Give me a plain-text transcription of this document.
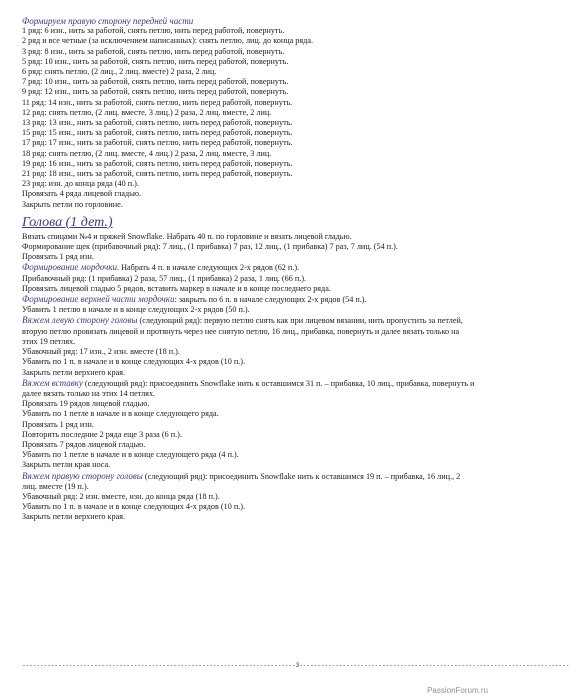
Формируем правую сторону передней части
1 ряд: 6 изн., нить за работой, снять петлю, нить перед работой, повернуть.
2 ряд и все четные (за исключением написанных): снять петлю, лиц. до конца ряда.
3 ряд: 8 изн., нить за работой, снять петлю, нить перед работой, повернуть.
5 ряд: 10 изн., нить за работой, снять петлю, нить перед работой, повернуть.
6 ряд: снять петлю, (2 лиц., 2 лиц. вместе) 2 раза, 2 лиц.
7 ряд: 10 изн., нить за работой, снять петлю, нить перед работой, повернуть.
9 ряд: 12 изн., нить за работой, снять петлю, нить перед работой, повернуть.
11 ряд: 14 изн., нить за работой, снять петлю, нить перед работой, повернуть.
12 ряд: снять петлю, (2 лиц. вместе, 3 лиц.) 2 раза, 2 лиц. вместе, 2 лиц.
13 ряд: 13 изн., нить за работой, снять петлю, нить перед работой, повернуть.
15 ряд: 15 изн., нить за работой, снять петлю, нить перед работой, повернуть.
17 ряд: 17 изн., нить за работой, снять петлю, нить перед работой, повернуть.
18 ряд: снять петлю, (2 лиц. вместе, 4 лиц.) 2 раза, 2 лиц. вместе, 3 лиц.
19 ряд: 16 изн., нить за работой, снять петлю, нить перед работой, повернуть.
21 ряд: 18 изн., нить за работой, снять петлю, нить перед работой, повернуть.
23 ряд: изн. до конца ряда (40 п.).
Провязать 4 ряда лицевой гладью.
Закрыть петли по горловине.
Голова (1 дет.)
Вязать спицами №4 и пряжей Snowflake. Набрать 40 п. по горловине и вязать лицевой гладью.
Формирование щек (прибавочный ряд): 7 лиц., (1 прибавка) 7 раз, 12 лиц., (1 прибавка) 7 раз, 7 лиц. (54 п.).
Провязать 1 ряд изн.
Формирование мордочки. Набрать 4 п. в начале следующих 2-х рядов (62 п.).
Прибавочный ряд: (1 прибавка) 2 раза, 57 лиц., (1 прибавка) 2 раза, 1 лиц. (66 п.).
Провязать лицевой гладью 5 рядов, вставить маркер в начале и в конце последнего ряда.
Формирование верхней части мордочки: закрыть по 6 п. в начале следующих 2-х рядов (54 п.).
Убавить 1 петлю в начале и в конце следующих 2-х рядов (50 п.).
Вяжем левую сторону головы (следующий ряд): первую петлю снять как при лицевом вязании, нить пропустить за петлей, вторую петлю провязать лицевой и протянуть через нее снятую петлю, 16 лиц., прибавка, повернуть и далее вязать только на этих 19 петлях.
Убавочный ряд: 17 изн., 2 изн. вместе (18 п.).
Убавить по 1 п. в начале и в конце следующих 4-х рядов (10 п.).
Закрыть петли верхнего края.
Вяжем вставку (следующий ряд): присоединить Snowflake нить к оставшимся 31 п. – прибавка, 10 лиц., прибавка, повернуть и далее вязать только на этих 14 петлях.
Провязать 19 рядов лицевой гладью.
Убавить по 1 петле в начале и в конце следующего ряда.
Провязать 1 ряд изн.
Повторить последние 2 ряда еще 3 раза (6 п.).
Провязать 7 рядов лицевой гладью.
Убавить по 1 петле в начале и в конце следующего ряда (4 п.).
Закрыть петли края носа.
Вяжем правую сторону головы (следующий ряд): присоединить Snowflake нить к оставшимся 19 п. – прибавка, 16 лиц., 2 лиц. вместе (19 п.).
Убавочный ряд: 2 изн. вместе, изн. до конца ряда (18 п.).
Убавить по 1 п. в начале и в конце следующих 4-х рядов (10 п.).
Закрыть петли верхнего края.
----------------------------------------------------------------------------3---------------------------------------------------------------------------
PassionForum.ru
